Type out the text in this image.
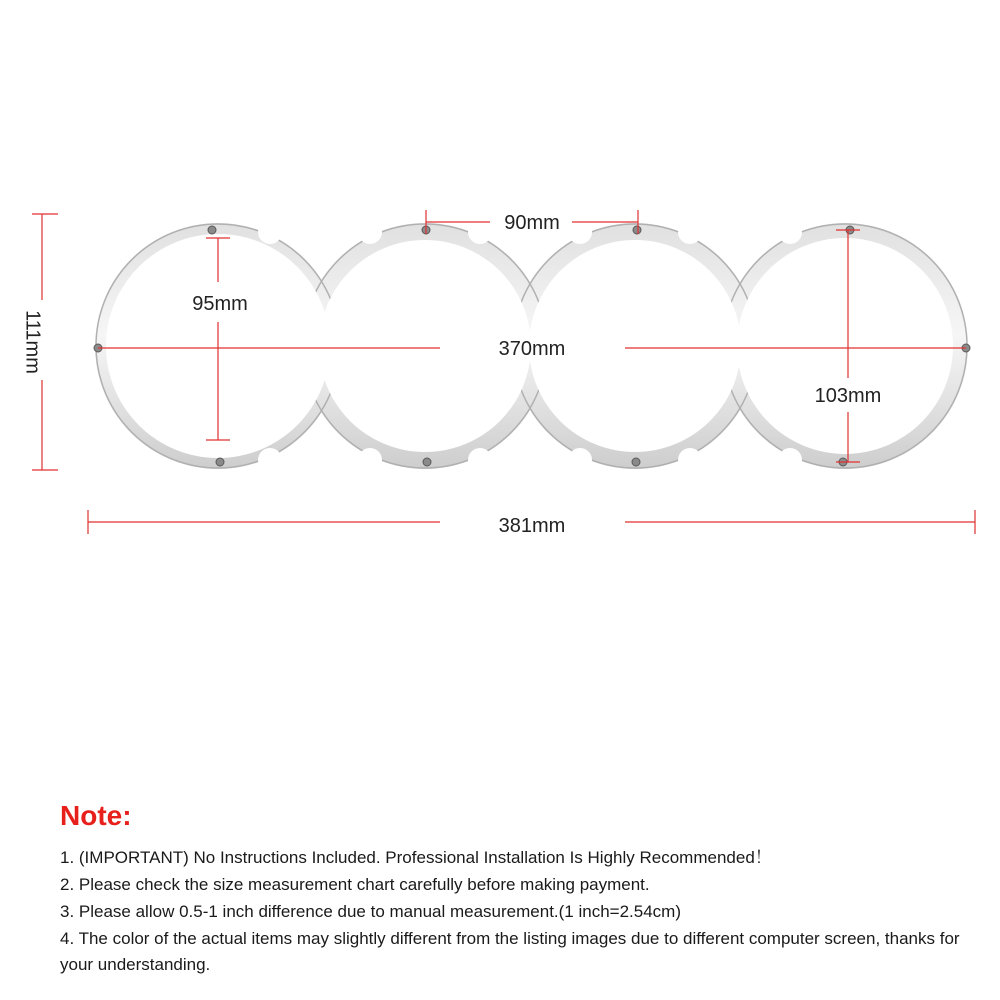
111mm
90mm
95mm
370mm
103mm
381mm
Note:
1. (IMPORTANT) No Instructions Included. Professional Installation Is Highly Recommended！
2. Please check the size measurement chart carefully before making payment.
3. Please allow 0.5-1 inch difference due to manual measurement.(1 inch=2.54cm)
4. The color of the actual items may slightly different from the listing images due to different computer screen, thanks for your understanding.
